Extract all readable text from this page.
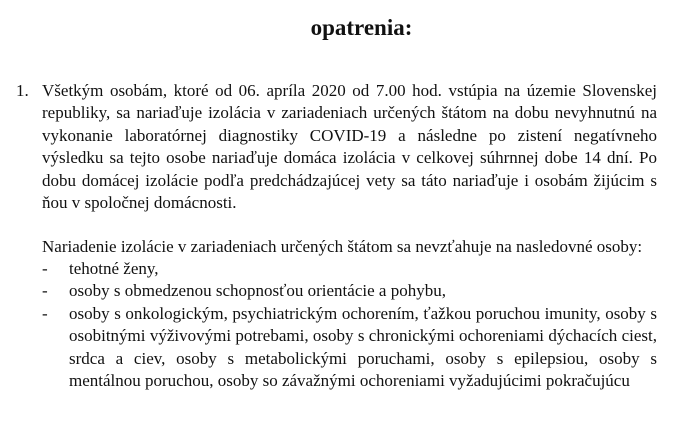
opatrenia:
1. Všetkým osobám, ktoré od 06. apríla 2020 od 7.00 hod. vstúpia na územie Slovenskej republiky, sa nariaďuje izolácia v zariadeniach určených štátom na dobu nevyhnutnú na vykonanie laboratórnej diagnostiky COVID-19 a následne po zistení negatívneho výsledku sa tejto osobe nariaďuje domáca izolácia v celkovej súhrnnej dobe 14 dní. Po dobu domácej izolácie podľa predchádzajúcej vety sa táto nariaďuje i osobám žijúcim s ňou v spoločnej domácnosti.

Nariadenie izolácie v zariadeniach určených štátom sa nevzťahuje na nasledovné osoby:

- tehotné ženy,
- osoby s obmedzenou schopnosťou orientácie a pohybu,
- osoby s onkologickým, psychiatrickým ochorením, ťažkou poruchou imunity, osoby s osobitnými výživovými potrebami, osoby s chronickými ochoreniami dýchacích ciest, srdca a ciev, osoby s metabolickými poruchami, osoby s epilepsiou, osoby s mentálnou poruchou, osoby so závažnými ochoreniami vyžadujúcimi pokračujúcu
